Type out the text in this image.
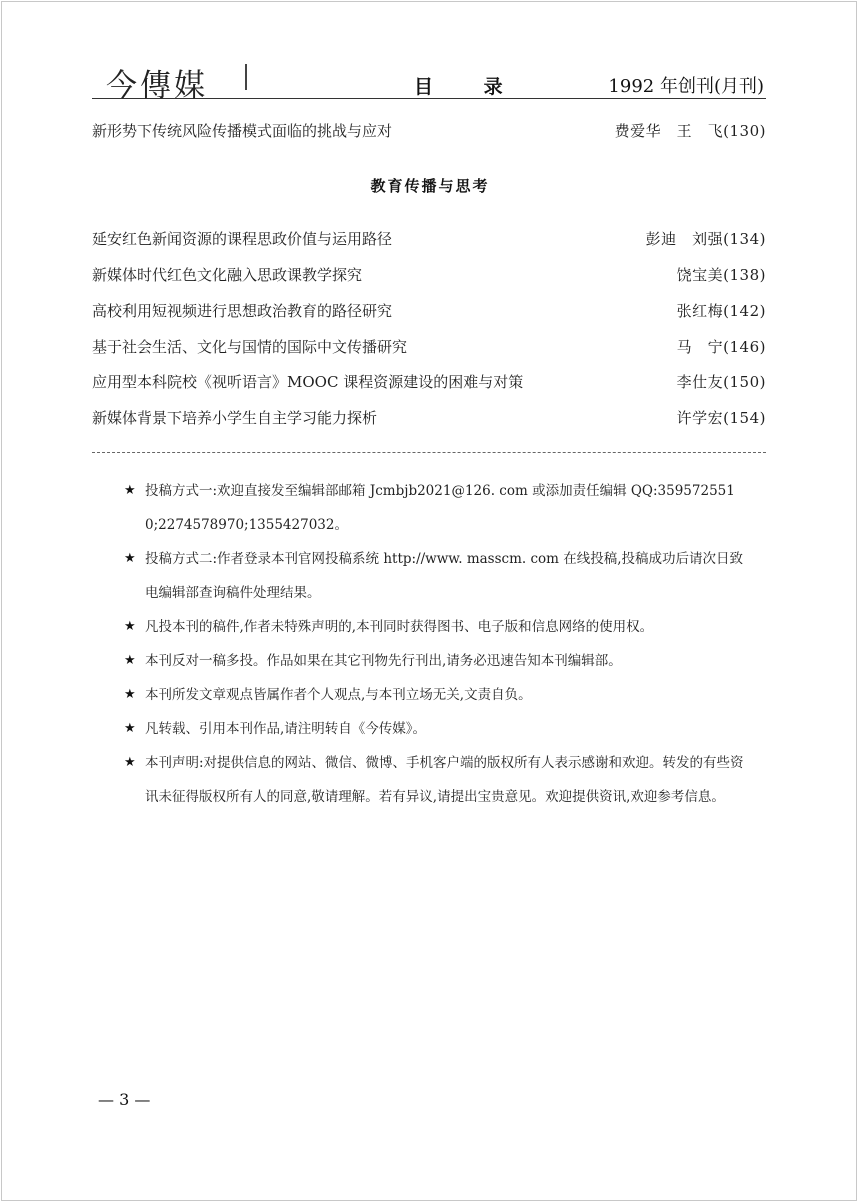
今傳媒	目 录	1992 年创刊(月刊)
新形势下传统风险传播模式面临的挑战与应对	费爱华　王　飞(130)
教育传播与思考
延安红色新闻资源的课程思政价值与运用路径	彭迪　刘强(134)
新媒体时代红色文化融入思政课教学探究	饶宝美(138)
高校利用短视频进行思想政治教育的路径研究	张红梅(142)
基于社会生活、文化与国情的国际中文传播研究	马　宁(146)
应用型本科院校《视听语言》MOOC 课程资源建设的困难与对策	李仕友(150)
新媒体背景下培养小学生自主学习能力探析	许学宏(154)
★ 投稿方式一:欢迎直接发至编辑部邮箱 Jcmbjb2021@126. com 或添加责任编辑 QQ:3595725510;2274578970;1355427032。
★ 投稿方式二:作者登录本刊官网投稿系统 http://www. masscm. com 在线投稿,投稿成功后请次日致电编辑部查询稿件处理结果。
★ 凡投本刊的稿件,作者未特殊声明的,本刊同时获得图书、电子版和信息网络的使用权。
★ 本刊反对一稿多投。作品如果在其它刊物先行刊出,请务必迅速告知本刊编辑部。
★ 本刊所发文章观点皆属作者个人观点,与本刊立场无关,文责自负。
★ 凡转载、引用本刊作品,请注明转自《今传媒》。
★ 本刊声明:对提供信息的网站、微信、微博、手机客户端的版权所有人表示感谢和欢迎。转发的有些资讯未征得版权所有人的同意,敬请理解。若有异议,请提出宝贵意见。欢迎提供资讯,欢迎参考信息。
— 3 —
